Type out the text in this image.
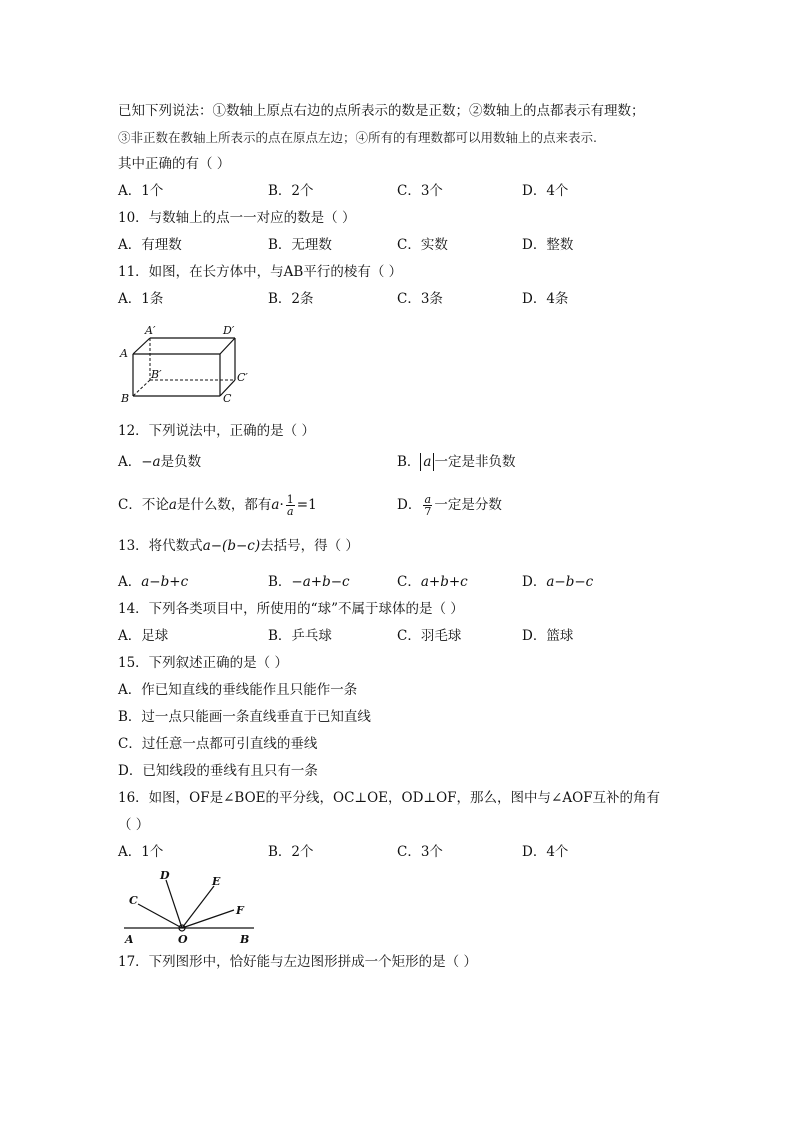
已知下列说法：①数轴上原点右边的点所表示的数是正数；②数轴上的点都表示有理数；
③非正数在教轴上所表示的点在原点左边；④所有的有理数都可以用数轴上的点来表示.
其中正确的有（ ）
A．1个	B．2个	C．3个	D．4个
10．与数轴上的点一一对应的数是（ ）
A．有理数	B．无理数	C．实数	D．整数
11．如图，在长方体中，与AB平行的棱有（ ）
A．1条	B．2条	C．3条	D．4条
A′	D′
A
B′	C′
B	C
12．下列说法中，正确的是（ ）
A．−a是负数	B． a 一定是非负数
C．不论a是什么数，都有$a\cdot \frac{1}{a} =1$	D． $\frac{a}{7}$ 一定是分数
13．将代数式a−(b−c)去括号，得（ ）
A．a−b+c	B．−a+b−c	C．a+b+c	D．a−b−c
14．下列各类项目中，所使用的“球”不属于球体的是（ ）
A．足球	B．乒乓球	C．羽毛球	D．篮球
15．下列叙述正确的是（ ）
A．作已知直线的垂线能作且只能作一条
B．过一点只能画一条直线垂直于已知直线
C．过任意一点都可引直线的垂线
D．已知线段的垂线有且只有一条
16．如图，OF是∠BOE的平分线，OC⊥OE，OD⊥OF，那么，图中与∠AOF互补的角有
（ ）
A．1个	B．2个	C．3个	D．4个
D	E
C
F
A	O	B
17．下列图形中，恰好能与左边图形拼成一个矩形的是（ ）
